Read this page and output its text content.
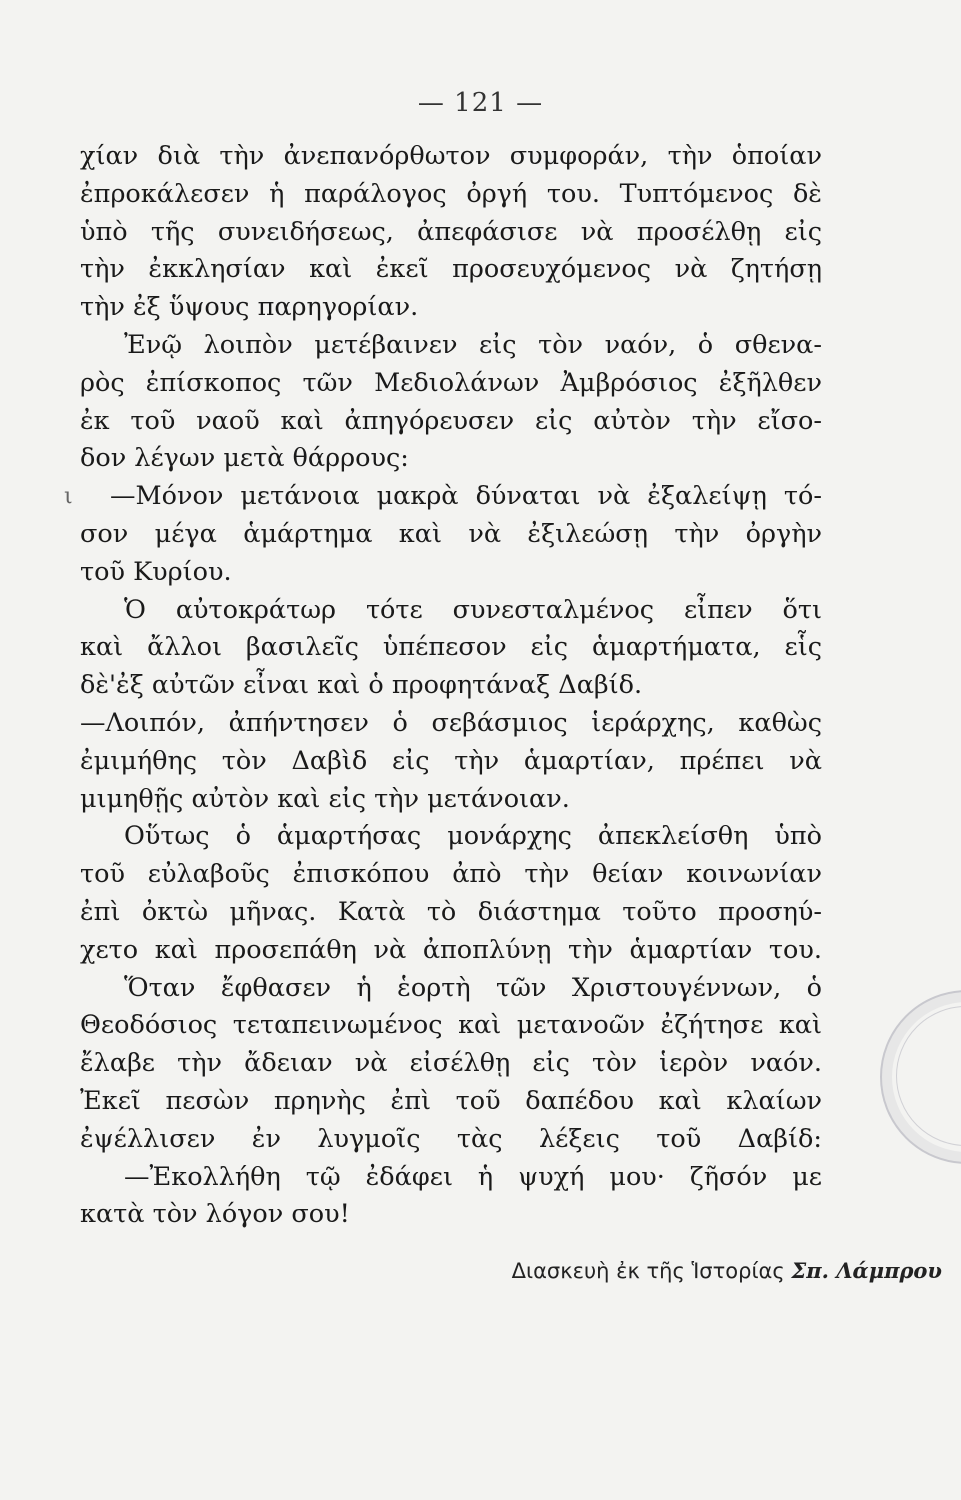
— 121 —
χίαν διὰ τὴν ἀνεπανόρθωτον συμφοράν, τὴν ὁποίαν
ἐπροκάλεσεν ἡ παράλογος ὀργή του. Τυπτόμενος δὲ
ὑπὸ τῆς συνειδήσεως, ἀπεφάσισε νὰ προσέλθῃ εἰς
τὴν ἐκκλησίαν καὶ ἐκεῖ προσευχόμενος νὰ ζητήσῃ
τὴν ἐξ ὕψους παρηγορίαν.
Ἐνῷ λοιπὸν μετέβαινεν εἰς τὸν ναόν, ὁ σθενα-
ρὸς ἐπίσκοπος τῶν Μεδιολάνων Ἀμβρόσιος ἐξῆλθεν
ἐκ τοῦ ναοῦ καὶ ἀπηγόρευσεν εἰς αὐτὸν τὴν εἴσο-
δον λέγων μετὰ θάρρους:
ι —Μόνον μετάνοια μακρὰ δύναται νὰ ἐξαλείψῃ τό-
σον μέγα ἁμάρτημα καὶ νὰ ἐξιλεώσῃ τὴν ὀργὴν
τοῦ Κυρίου.
Ὁ αὐτοκράτωρ τότε συνεσταλμένος εἶπεν ὅτι
καὶ ἄλλοι βασιλεῖς ὑπέπεσον εἰς ἁμαρτήματα, εἷς
δὲ'ἐξ αὐτῶν εἶναι καὶ ὁ προφητάναξ Δαβίδ.
—Λοιπόν, ἀπήντησεν ὁ σεβάσμιος ἱεράρχης, καθὼς
ἐμιμήθης τὸν Δαβὶδ εἰς τὴν ἁμαρτίαν, πρέπει νὰ
μιμηθῇς αὐτὸν καὶ εἰς τὴν μετάνοιαν.
Οὕτως ὁ ἁμαρτήσας μονάρχης ἀπεκλείσθη ὑπὸ
τοῦ εὐλαβοῦς ἐπισκόπου ἀπὸ τὴν θείαν κοινωνίαν
ἐπὶ ὀκτὼ μῆνας. Κατὰ τὸ διάστημα τοῦτο προσηύ-
χετο καὶ προσεπάθη νὰ ἀποπλύνῃ τὴν ἁμαρτίαν του.
Ὅταν ἔφθασεν ἡ ἑορτὴ τῶν Χριστουγέννων, ὁ
Θεοδόσιος τεταπεινωμένος καὶ μετανοῶν ἐζήτησε καὶ
ἔλαβε τὴν ἄδειαν νὰ εἰσέλθῃ εἰς τὸν ἱερὸν ναόν.
Ἐκεῖ πεσὼν πρηνὴς ἐπὶ τοῦ δαπέδου καὶ κλαίων
ἐψέλλισεν ἐν λυγμοῖς τὰς λέξεις τοῦ Δαβίδ:
—Ἐκολλήθη τῷ ἐδάφει ἡ ψυχή μου· ζῆσόν με
κατὰ τὸν λόγον σου!
Διασκευὴ ἐκ τῆς Ἱστορίας Σπ. Λάμπρου
